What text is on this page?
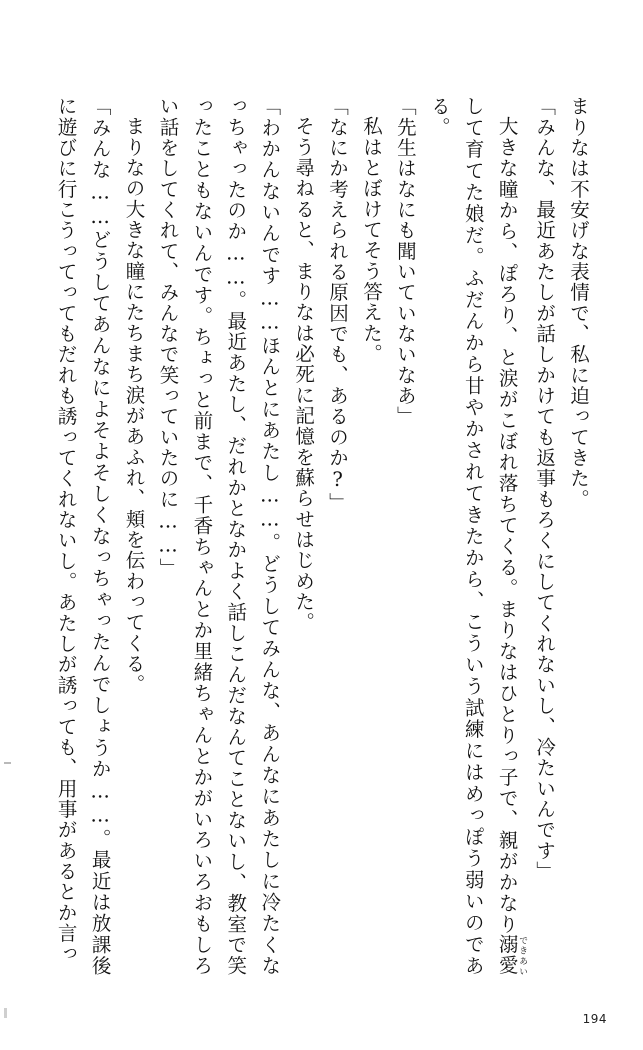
まりなは不安げな表情で、私に迫ってきた。

「みんな、最近あたしが話しかけても返事もろくにしてくれないし、冷たいんです」

大きな瞳から、ぽろり、と涙がこぼれ落ちてくる。まりなはひとりっ子で、親がかなり溺愛できあいして育てた娘だ。ふだんから甘やかされてきたから、こういう試練にはめっぽう弱いのである。

「先生はなにも聞いていないなあ」

私はとぼけてそう答えた。

「なにか考えられる原因でも、あるのか?」

そう尋ねると、まりなは必死に記憶を蘇らせはじめた。

「わかんないんです……ほんとにあたし……。どうしてみんな、あんなにあたしに冷たくなっちゃったのか……。最近あたし、だれかとなかよく話しこんだなんてことないし、教室で笑ったこともないんです。ちょっと前まで、千香ちゃんとか里緒ちゃんとかがいろいろおもしろい話をしてくれて、みんなで笑っていたのに……」

まりなの大きな瞳にたちまち涙があふれ、頬を伝わってくる。

「みんな……どうしてあんなによそよそしくなっちゃったんでしょうか……。最近は放課後に遊びに行こうってってもだれも誘ってくれないし。あたしが誘っても、用事があるとか言っ

194
